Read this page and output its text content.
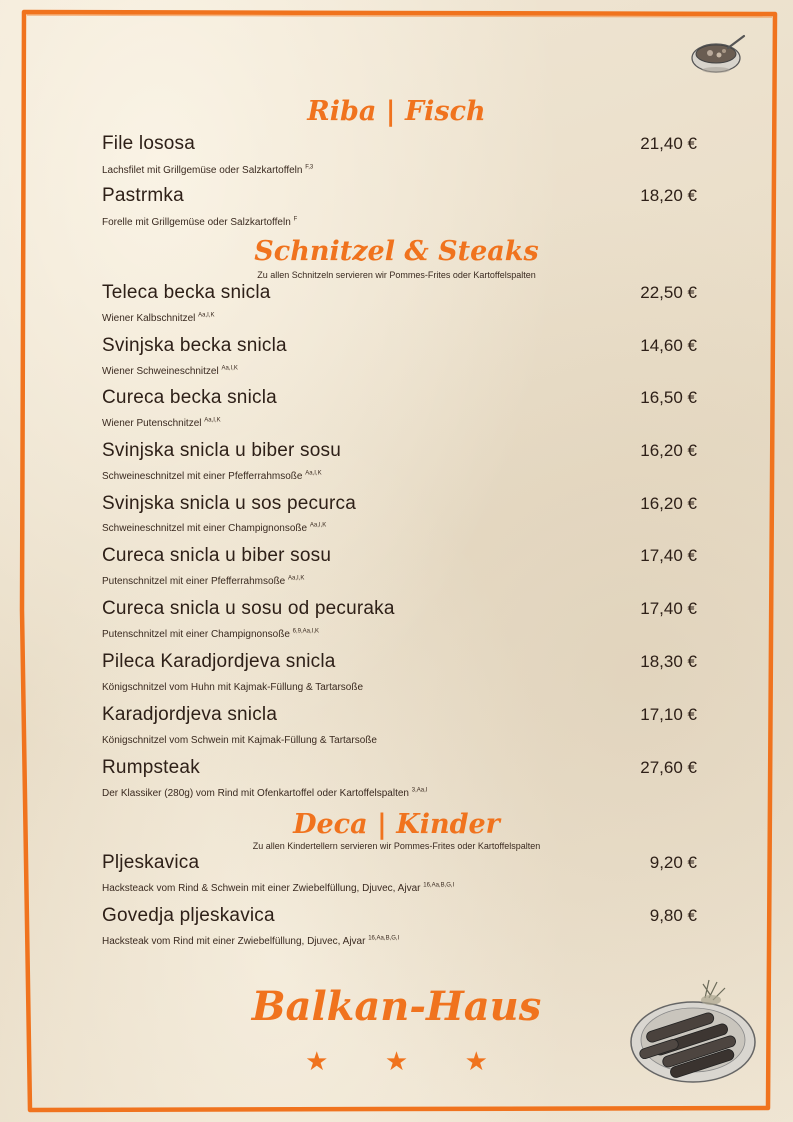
Riba | Fisch
File lososa	21,40 €
Lachsfilet mit Grillgemüse oder Salzkartoffeln $^{F,3}$
Pastrmka	18,20 €
Forelle mit Grillgemüse oder Salzkartoffeln $^F$
Schnitzel & Steaks
Zu allen Schnitzeln servieren wir Pommes-Frites oder Kartoffelspalten
Teleca becka snicla	22,50 €
Wiener Kalbschnitzel $^{Aa,I,K}$
Svinjska becka snicla	14,60 €
Wiener Schweineschnitzel $^{Aa,I,K}$
Cureca becka snicla	16,50 €
Wiener Putenschnitzel $^{Aa,I,K}$
Svinjska snicla u biber sosu	16,20 €
Schweineschnitzel mit einer Pfefferrahmsoße $^{Aa,I,K}$
Svinjska snicla u sos pecurca	16,20 €
Schweineschnitzel mit einer Champignonsoße $^{Aa,I,K}$
Cureca snicla u biber sosu	17,40 €
Putenschnitzel mit einer Pfefferrahmsoße $^{Aa,I,K}$
Cureca snicla u sosu od pecuraka	17,40 €
Putenschnitzel mit einer Champignonsoße $^{6,9,Aa,I,K}$
Pileca Karadjordjeva snicla	18,30 €
Königschnitzel vom Huhn mit Kajmak-Füllung & Tartarsoße
Karadjordjeva snicla	17,10 €
Königschnitzel vom Schwein mit Kajmak-Füllung & Tartarsoße
Rumpsteak	27,60 €
Der Klassiker (280g) vom Rind mit Ofenkartoffel oder Kartoffelspalten $^{3,Aa,I}$
Deca | Kinder
Zu allen Kindertellern servieren wir Pommes-Frites oder Kartoffelspalten
Pljeskavica	9,20 €
Hacksteack vom Rind & Schwein mit einer Zwiebelfüllung, Djuvec, Ajvar $^{16,Aa,B,G,I}$
Govedja pljeskavica	9,80 €
Hacksteak vom Rind mit einer Zwiebelfüllung, Djuvec, Ajvar $^{16,Aa,B,G,I}$
Balkan-Haus
★ ★ ★
